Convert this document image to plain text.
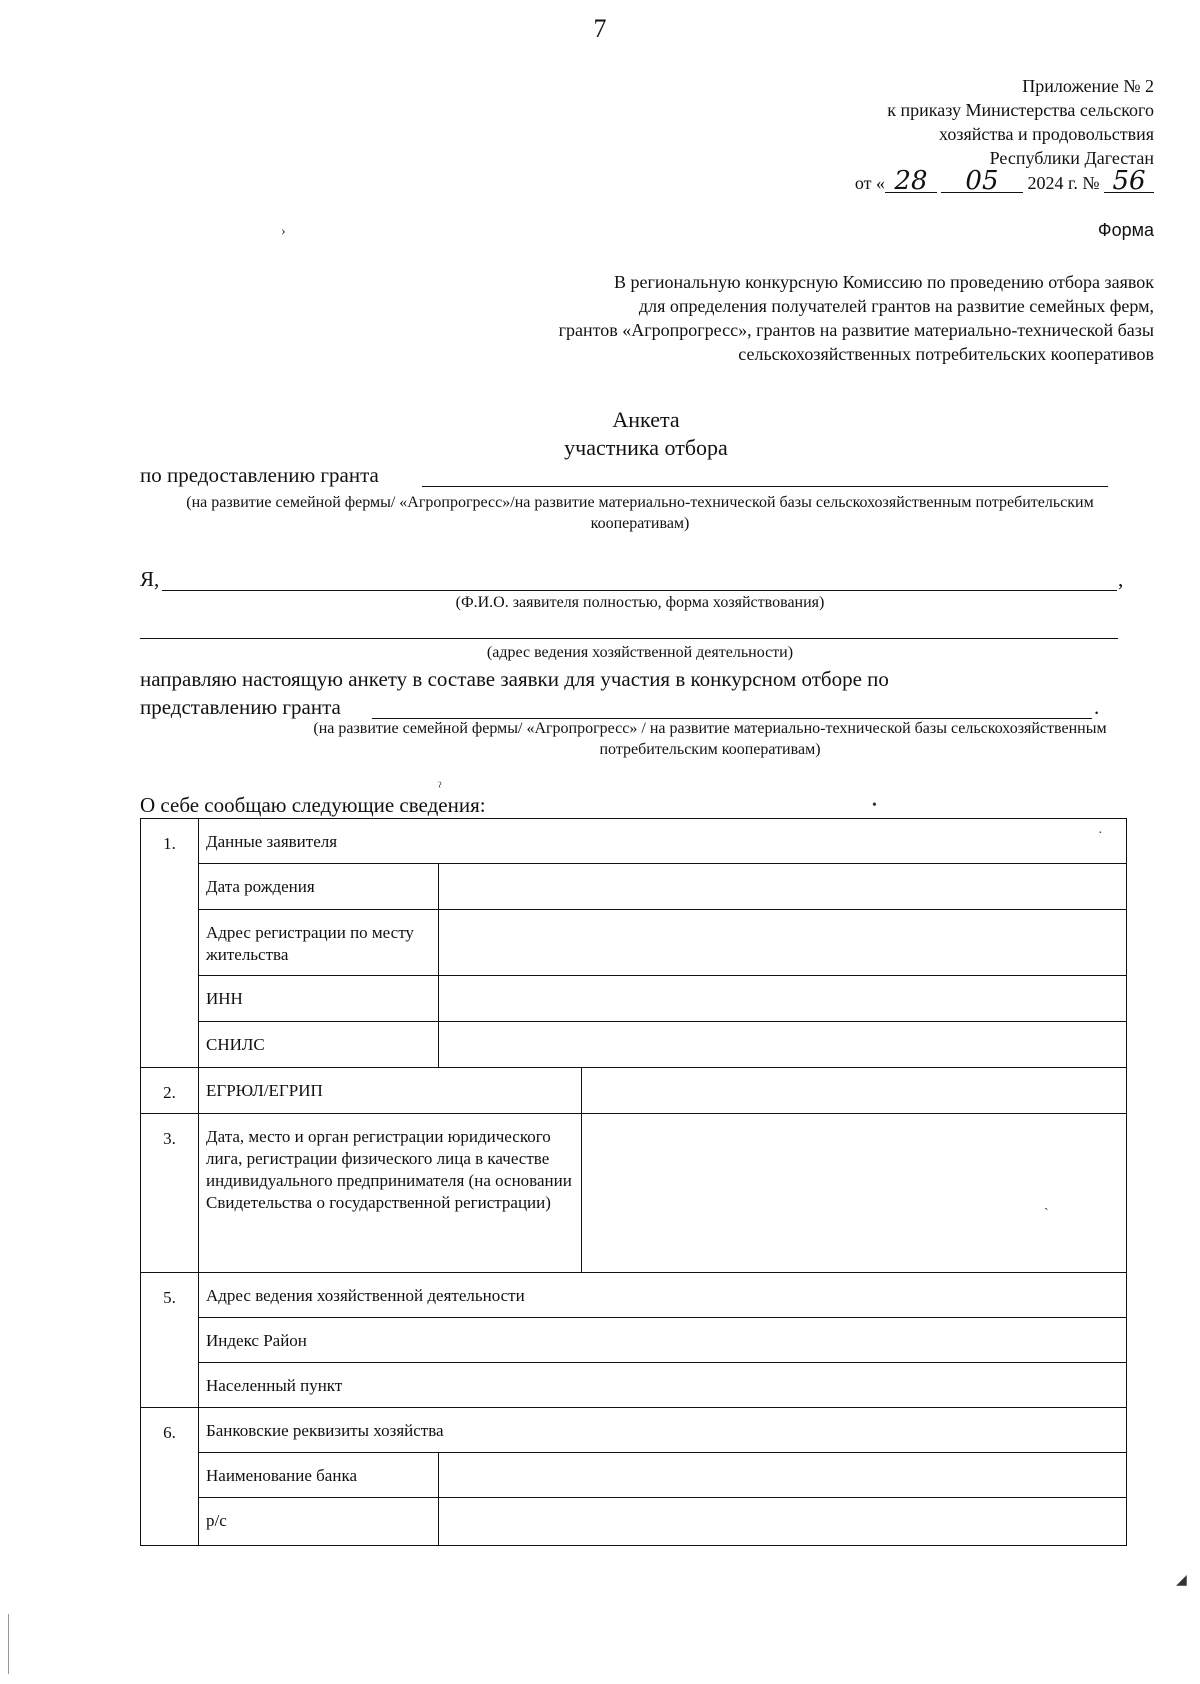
7
Приложение № 2
к приказу Министерства сельского
хозяйства и продовольствия
Республики Дагестан
от « 28 05 2024 г. № 56
›	Форма
В региональную конкурсную Комиссию по проведению отбора заявок
для определения получателей грантов на развитие семейных ферм,
грантов «Агропрогресс», грантов на развитие материально-технической базы
сельскохозяйственных потребительских кооперативов
Анкета
участника отбора
по предоставлению гранта
(на развитие семейной фермы/ «Агропрогресс»/на развитие материально-технической базы сельскохозяйственным потребительским кооперативам)
Я,	,
(Ф.И.О. заявителя полностью, форма хозяйствования)
(адрес ведения хозяйственной деятельности)
направляю настоящую анкету в составе заявки для участия в конкурсном отборе по
представлению гранта	.
(на развитие семейной фермы/ «Агропрогресс» / на развитие материально-технической базы сельскохозяйственным потребительским кооперативам)
О себе сообщаю следующие сведения:
ˀ
•
1.	Данные заявителя		
	Дата рождения		
	Адрес регистрации по месту жительства		
	ИНН		
	СНИЛС		
2.	ЕГРЮЛ/ЕГРИП		
3.	Дата, место и орган регистрации юридического лига, регистрации физического лица в качестве индивидуального предпринимателя (на основании Свидетельства о государственной регистрации)		
5.	Адрес ведения хозяйственной деятельности		
	Индекс Район		
	Населенный пункт		
6.	Банковские реквизиты хозяйства		
	Наименование банка		
	р/с		
·
ˏ
◢
